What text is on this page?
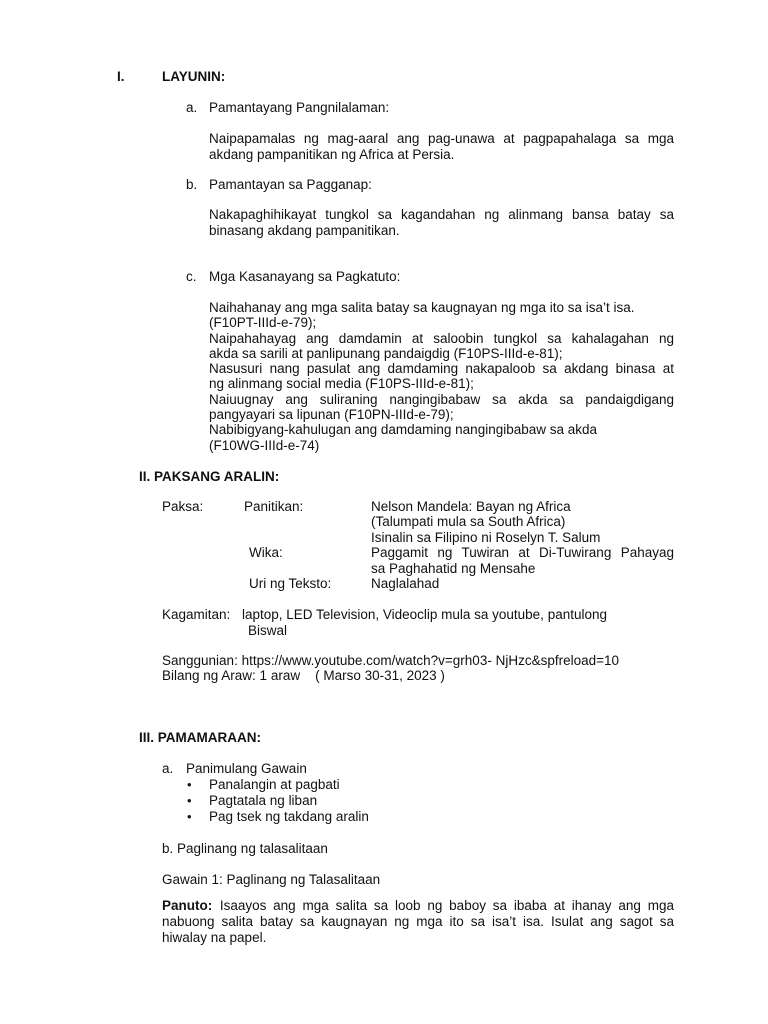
I.	LAYUNIN:
a. Pamantayang Pangnilalaman:
Naipapamalas ng mag-aaral ang pag-unawa at pagpapahalaga sa mga
akdang pampanitikan ng Africa at Persia.
b. Pamantayan sa Pagganap:
Nakapaghihikayat tungkol sa kagandahan ng alinmang bansa batay sa
binasang akdang pampanitikan.
c. Mga Kasanayang sa Pagkatuto:
Naihahanay ang mga salita batay sa kaugnayan ng mga ito sa isa’t isa.
(F10PT-IIId-e-79);
Naipahahayag ang damdamin at saloobin tungkol sa kahalagahan ng
akda sa sarili at panlipunang pandaigdig (F10PS-IIId-e-81);
Nasusuri nang pasulat ang damdaming nakapaloob sa akdang binasa at
ng alinmang social media (F10PS-IIId-e-81);
Naiuugnay ang suliraning nangingibabaw sa akda sa pandaigdigang
pangyayari sa lipunan (F10PN-IIId-e-79);
Nabibigyang-kahulugan ang damdaming nangingibabaw sa akda
(F10WG-IIId-e-74)
II. PAKSANG ARALIN:
Paksa:	Panitikan:	Nelson Mandela: Bayan ng Africa
(Talumpati mula sa South Africa)
Isinalin sa Filipino ni Roselyn T. Salum
Wika:	Paggamit ng Tuwiran at Di-Tuwirang Pahayag
sa Paghahatid ng Mensahe
Uri ng Teksto:	Naglalahad
Kagamitan: laptop, LED Television, Videoclip mula sa youtube, pantulong
Biswal
Sanggunian: https://www.youtube.com/watch?v=grh03- NjHzc&spfreload=10
Bilang ng Araw: 1 araw    ( Marso 30-31, 2023 )
III. PAMAMARAAN:
a. Panimulang Gawain
• Panalangin at pagbati
• Pagtatala ng liban
• Pag tsek ng takdang aralin
b. Paglinang ng talasalitaan
Gawain 1: Paglinang ng Talasalitaan
Panuto: Isaayos ang mga salita sa loob ng baboy sa ibaba at ihanay ang mga
nabuong salita batay sa kaugnayan ng mga ito sa isa’t isa. Isulat ang sagot sa
hiwalay na papel.
